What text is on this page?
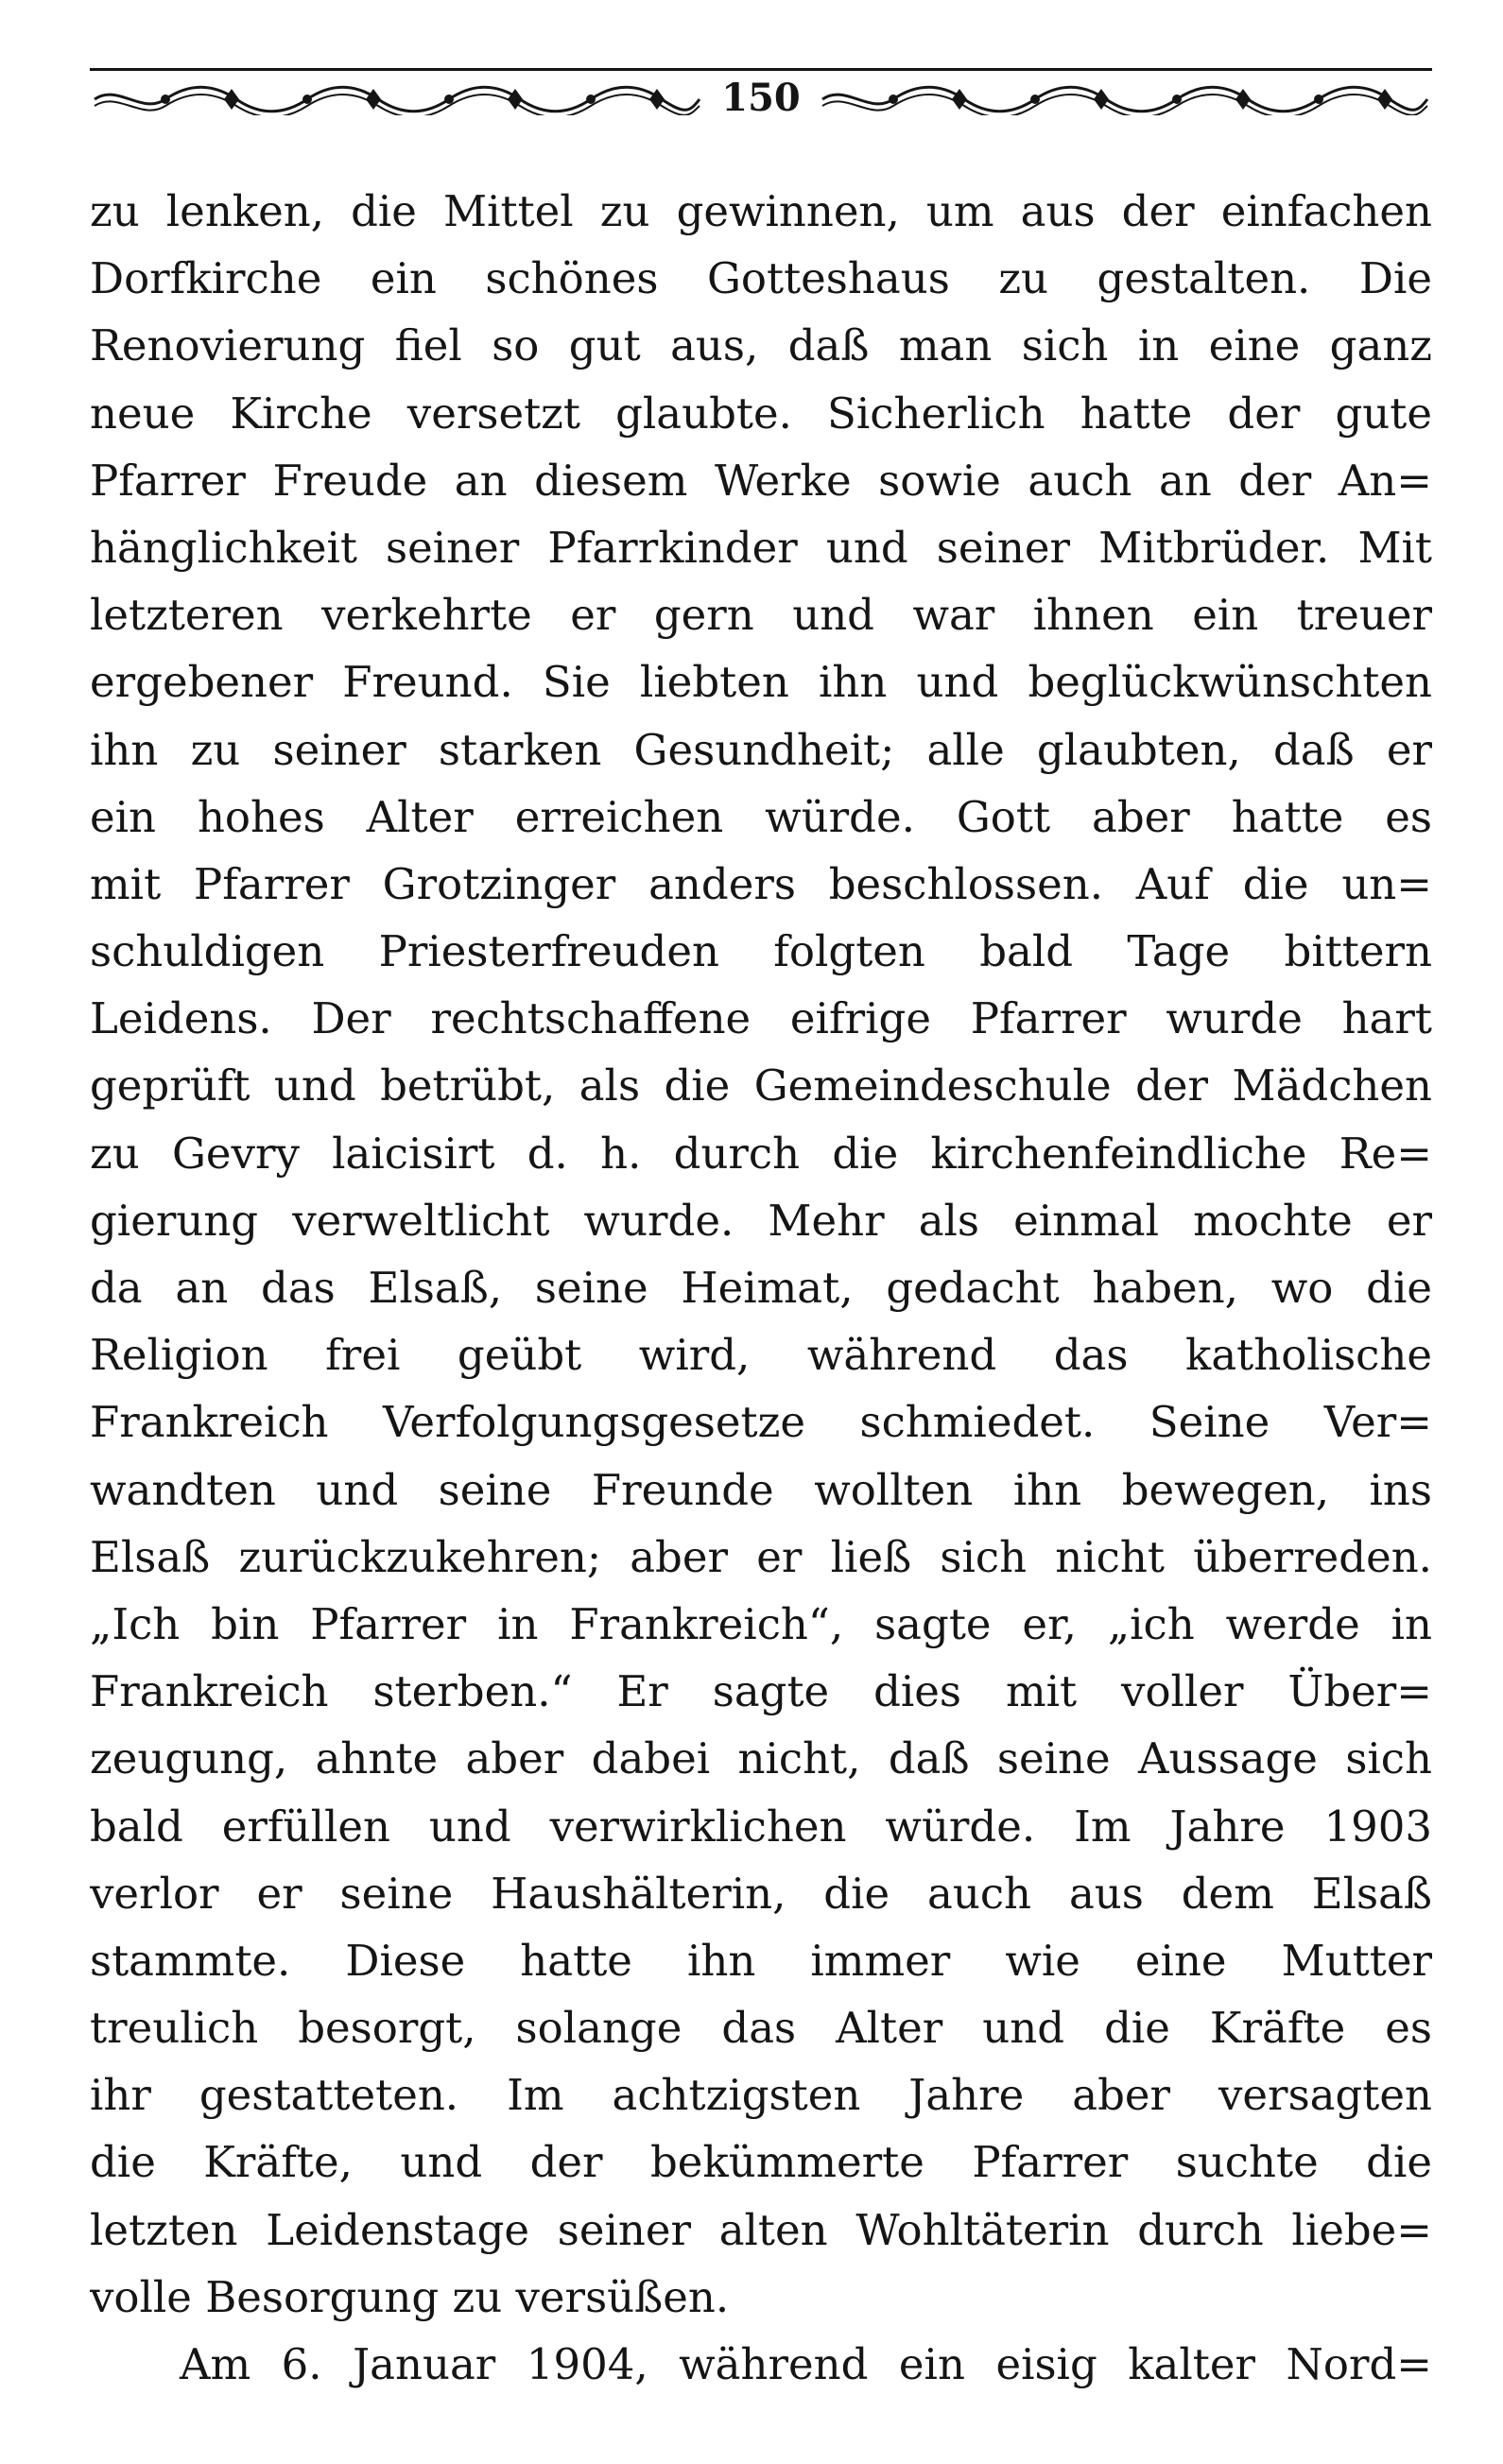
150
zu lenken, die Mittel zu gewinnen, um aus der einfachen
Dorfkirche ein schönes Gotteshaus zu gestalten. Die
Renovierung fiel so gut aus, daß man sich in eine ganz
neue Kirche versetzt glaubte. Sicherlich hatte der gute
Pfarrer Freude an diesem Werke sowie auch an der An=
hänglichkeit seiner Pfarrkinder und seiner Mitbrüder. Mit
letzteren verkehrte er gern und war ihnen ein treuer
ergebener Freund. Sie liebten ihn und beglückwünschten
ihn zu seiner starken Gesundheit; alle glaubten, daß er
ein hohes Alter erreichen würde. Gott aber hatte es
mit Pfarrer Grotzinger anders beschlossen. Auf die un=
schuldigen Priesterfreuden folgten bald Tage bittern
Leidens. Der rechtschaffene eifrige Pfarrer wurde hart
geprüft und betrübt, als die Gemeindeschule der Mädchen
zu Gevry laicisirt d. h. durch die kirchenfeindliche Re=
gierung verweltlicht wurde. Mehr als einmal mochte er
da an das Elsaß, seine Heimat, gedacht haben, wo die
Religion frei geübt wird, während das katholische
Frankreich Verfolgungsgesetze schmiedet. Seine Ver=
wandten und seine Freunde wollten ihn bewegen, ins
Elsaß zurückzukehren; aber er ließ sich nicht überreden.
„Ich bin Pfarrer in Frankreich“, sagte er, „ich werde in
Frankreich sterben.“ Er sagte dies mit voller Über=
zeugung, ahnte aber dabei nicht, daß seine Aussage sich
bald erfüllen und verwirklichen würde. Im Jahre 1903
verlor er seine Haushälterin, die auch aus dem Elsaß
stammte. Diese hatte ihn immer wie eine Mutter
treulich besorgt, solange das Alter und die Kräfte es
ihr gestatteten. Im achtzigsten Jahre aber versagten
die Kräfte, und der bekümmerte Pfarrer suchte die
letzten Leidenstage seiner alten Wohltäterin durch liebe=
volle Besorgung zu versüßen.
Am 6. Januar 1904, während ein eisig kalter Nord=
